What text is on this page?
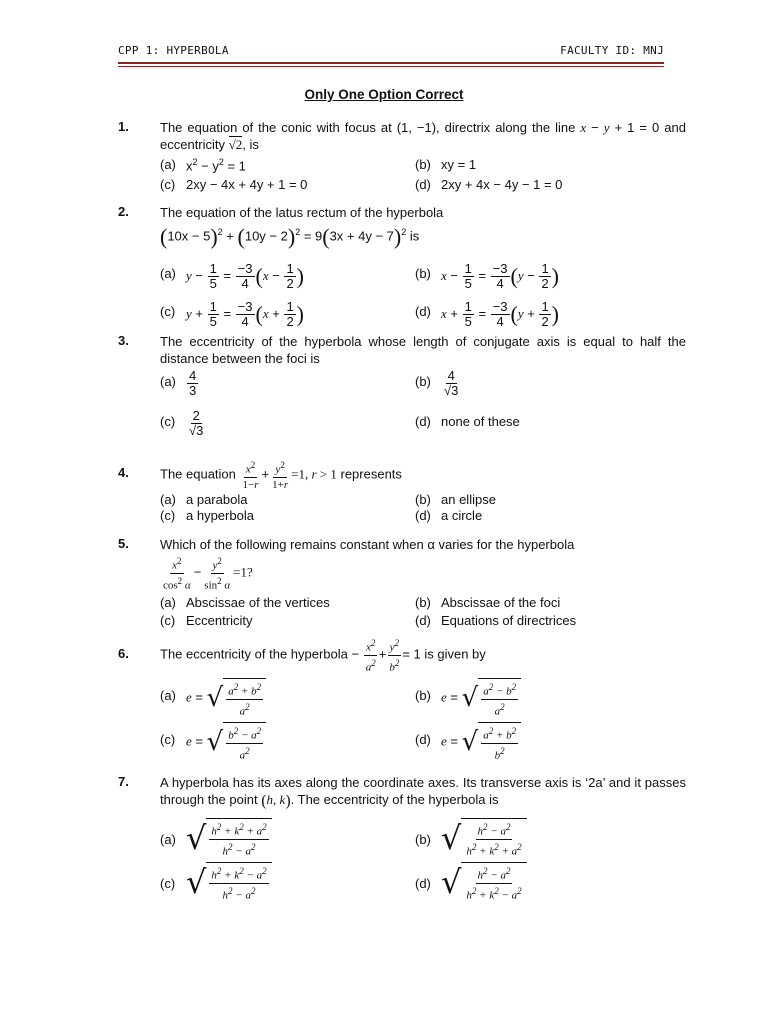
CPP 1: HYPERBOLA	FACULTY ID: MNJ
Only One Option Correct
1. The equation of the conic with focus at (1, −1), directrix along the line x − y + 1 = 0 and eccentricity √2, is
(a) $x^2 - y^2 = 1$	(b) xy = 1
(c) 2xy − 4x + 4y + 1 = 0	(d) 2xy + 4x − 4y − 1 = 0
2. The equation of the latus rectum of the hyperbola
$(10x - 5)^2 + (10y - 2)^2 = 9(3x + 4y - 7)^2$ is
(a) $y - \frac{1}{5} = \frac{-3}{4} (x - \frac{1}{2}$ )	(b) $x - \frac{1}{5} = \frac{-3}{4} (y - \frac{1}{2}$ )
(c) $y + \frac{1}{5} = \frac{-3}{4} (x + \frac{1}{2}$ )	(d) $x + \frac{1}{5} = \frac{-3}{4} (y + \frac{1}{2}$ )
3. The eccentricity of the hyperbola whose length of conjugate axis is equal to half the distance between the foci is
$(a) \frac{4}{3}$	$(b) \frac{4}{√3}$
$(c) \frac{2}{√3}$	(d) none of these
4. The equation $\frac{x^2}{1-r} + \frac{y^2}{1+r} =1$, r > 1 represents
(a) a parabola	(b) an ellipse
(c) a hyperbola	(d) a circle
5. Which of the following remains constant when α varies for the hyperbola
$\frac{x^2}{\cos^2 \alpha} - \frac{y^2}{\sin^2 \alpha} =1$?
(a) Abscissae of the vertices	(b) Abscissae of the foci
(c) Eccentricity	(d) Equations of directrices
6. The eccentricity of the hyperbola − $\frac{x^2}{a^2} + \frac{y^2}{b^2} = 1$ is given by
(a) e = √ $\frac{a^2 + b^2}{a^2}$	(b) e = √ $\frac{a^2 - b^2}{a^2}$
(c) e = √ $\frac{b^2 - a^2}{a^2}$	(d) e = √ $\frac{a^2 + b^2}{b^2}$
7. A hyperbola has its axes along the coordinate axes. Its transverse axis is ‘2a’ and it passes through the point (h, k). The eccentricity of the hyperbola is
(a) √ $\frac{h^2 + k^2 + a^2}{h^2 - a^2}$	(b) √ $\frac{h^2 - a^2}{h^2 + k^2 + a^2}$
(c) √ $\frac{h^2 + k^2 - a^2}{h^2 - a^2}$	(d) √ $\frac{h^2 - a^2}{h^2 + k^2 - a^2}$
